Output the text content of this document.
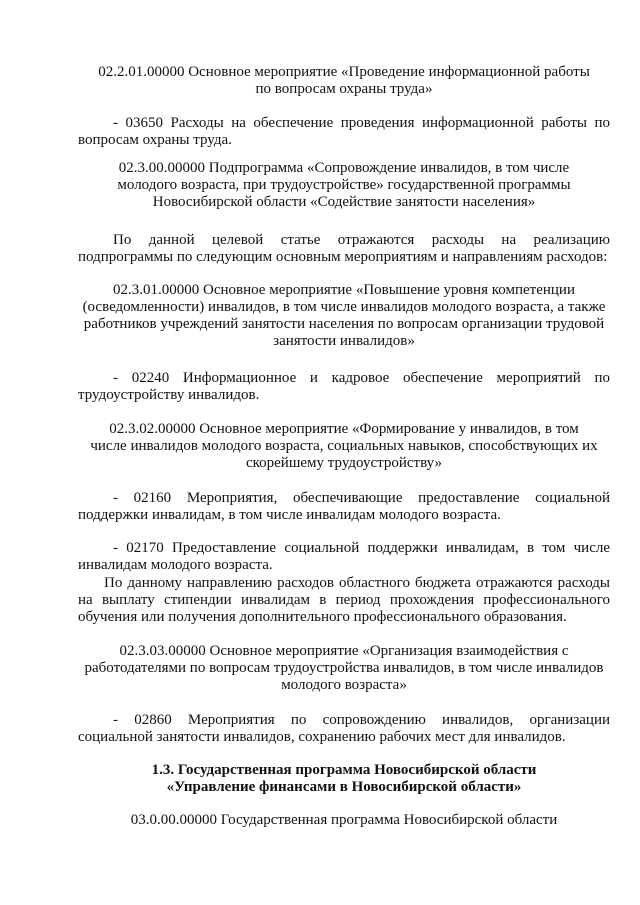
02.2.01.00000 Основное мероприятие «Проведение информационной работы
по вопросам охраны труда»
- 03650 Расходы на обеспечение проведения информационной работы по
вопросам охраны труда.
02.3.00.00000 Подпрограмма «Сопровождение инвалидов, в том числе
молодого возраста, при трудоустройстве» государственной программы
Новосибирской области «Содействие занятости населения»
По данной целевой статье отражаются расходы на реализацию подпрограммы по следующим основным мероприятиям и направлениям расходов:
02.3.01.00000 Основное мероприятие «Повышение уровня компетенции
(осведомленности) инвалидов, в том числе инвалидов молодого возраста, а также
работников учреждений занятости населения по вопросам организации трудовой
занятости инвалидов»
- 02240 Информационное и кадровое обеспечение мероприятий по трудоустройству инвалидов.
02.3.02.00000 Основное мероприятие «Формирование у инвалидов, в том
числе инвалидов молодого возраста, социальных навыков, способствующих их
скорейшему трудоустройству»
- 02160 Мероприятия, обеспечивающие предоставление социальной поддержки инвалидам, в том числе инвалидам молодого возраста.
- 02170 Предоставление социальной поддержки инвалидам, в том числе инвалидам молодого возраста.
По данному направлению расходов областного бюджета отражаются расходы на выплату стипендии инвалидам в период прохождения профессионального обучения или получения дополнительного профессионального образования.
02.3.03.00000 Основное мероприятие «Организация взаимодействия с
работодателями по вопросам трудоустройства инвалидов, в том числе инвалидов
молодого возраста»
- 02860 Мероприятия по сопровождению инвалидов, организации социальной занятости инвалидов, сохранению рабочих мест для инвалидов.
1.3. Государственная программа Новосибирской области
«Управление финансами в Новосибирской области»
03.0.00.00000 Государственная программа Новосибирской области
